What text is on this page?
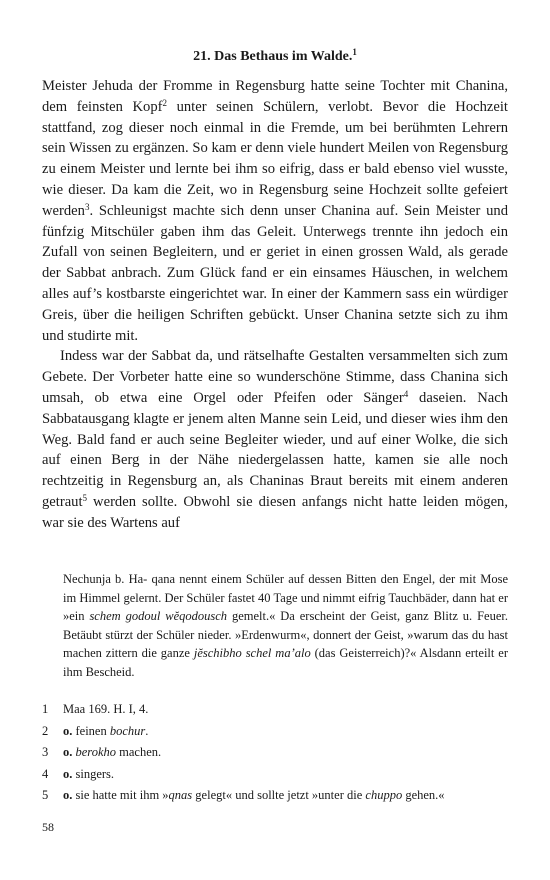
21. Das Bethaus im Walde.$^1$

Meister Jehuda der Fromme in Regensburg hatte seine Tochter mit Chanina, dem feinsten Kopf$^2$ unter seinen Schülern, verlobt. Bevor die Hochzeit stattfand, zog dieser noch einmal in die Fremde, um bei berühmten Lehrern sein Wissen zu ergänzen. So kam er denn viele hundert Meilen von Regensburg zu einem Meister und lernte bei ihm so eifrig, dass er bald ebenso viel wusste, wie dieser. Da kam die Zeit, wo in Regensburg seine Hochzeit sollte gefeiert werden$^3$. Schleunigst machte sich denn unser Chanina auf. Sein Meister und fünfzig Mitschüler gaben ihm das Geleit. Unterwegs trennte ihn jedoch ein Zufall von seinen Begleitern, und er geriet in einen grossen Wald, als gerade der Sabbat anbrach. Zum Glück fand er ein einsames Häuschen, in welchem alles auf’s kostbarste eingerichtet war. In einer der Kammern sass ein würdiger Greis, über die heiligen Schriften gebückt. Unser Chanina setzte sich zu ihm und studirte mit.

Indess war der Sabbat da, und rätselhafte Gestalten versammelten sich zum Gebete. Der Vorbeter hatte eine so wunderschöne Stimme, dass Chanina sich umsah, ob etwa eine Orgel oder Pfeifen oder Sänger$^4$ daseien. Nach Sabbatausgang klagte er jenem alten Manne sein Leid, und dieser wies ihm den Weg. Bald fand er auch seine Begleiter wieder, und auf einer Wolke, die sich auf einen Berg in der Nähe niedergelassen hatte, kamen sie alle noch rechtzeitig in Regensburg an, als Chaninas Braut bereits mit einem anderen getraut$^5$ werden sollte. Obwohl sie diesen anfangs nicht hatte leiden mögen, war sie des Wartens auf

Nechunja b. Ha- qana nennt einem Schüler auf dessen Bitten den Engel, der mit Mose im Himmel gelernt. Der Schüler fastet 40 Tage und nimmt eifrig Tauchbäder, dann hat er »ein schem godoul wĕqodousch gemelt.« Da erscheint der Geist, ganz Blitz u. Feuer. Betäubt stürzt der Schüler nieder. »Erdenwurm«, donnert der Geist, »warum das du hast machen zittern die ganze jĕschibho schel ma’alo (das Geisterreich)?« Alsdann erteilt er ihm Bescheid.

1	Maa 169. H. I, 4.
2	o. feinen bochur.
3	o. berokho machen.
4	o. singers.
5	o. sie hatte mit ihm »qnas gelegt« und sollte jetzt »unter die chuppo gehen.«
58
